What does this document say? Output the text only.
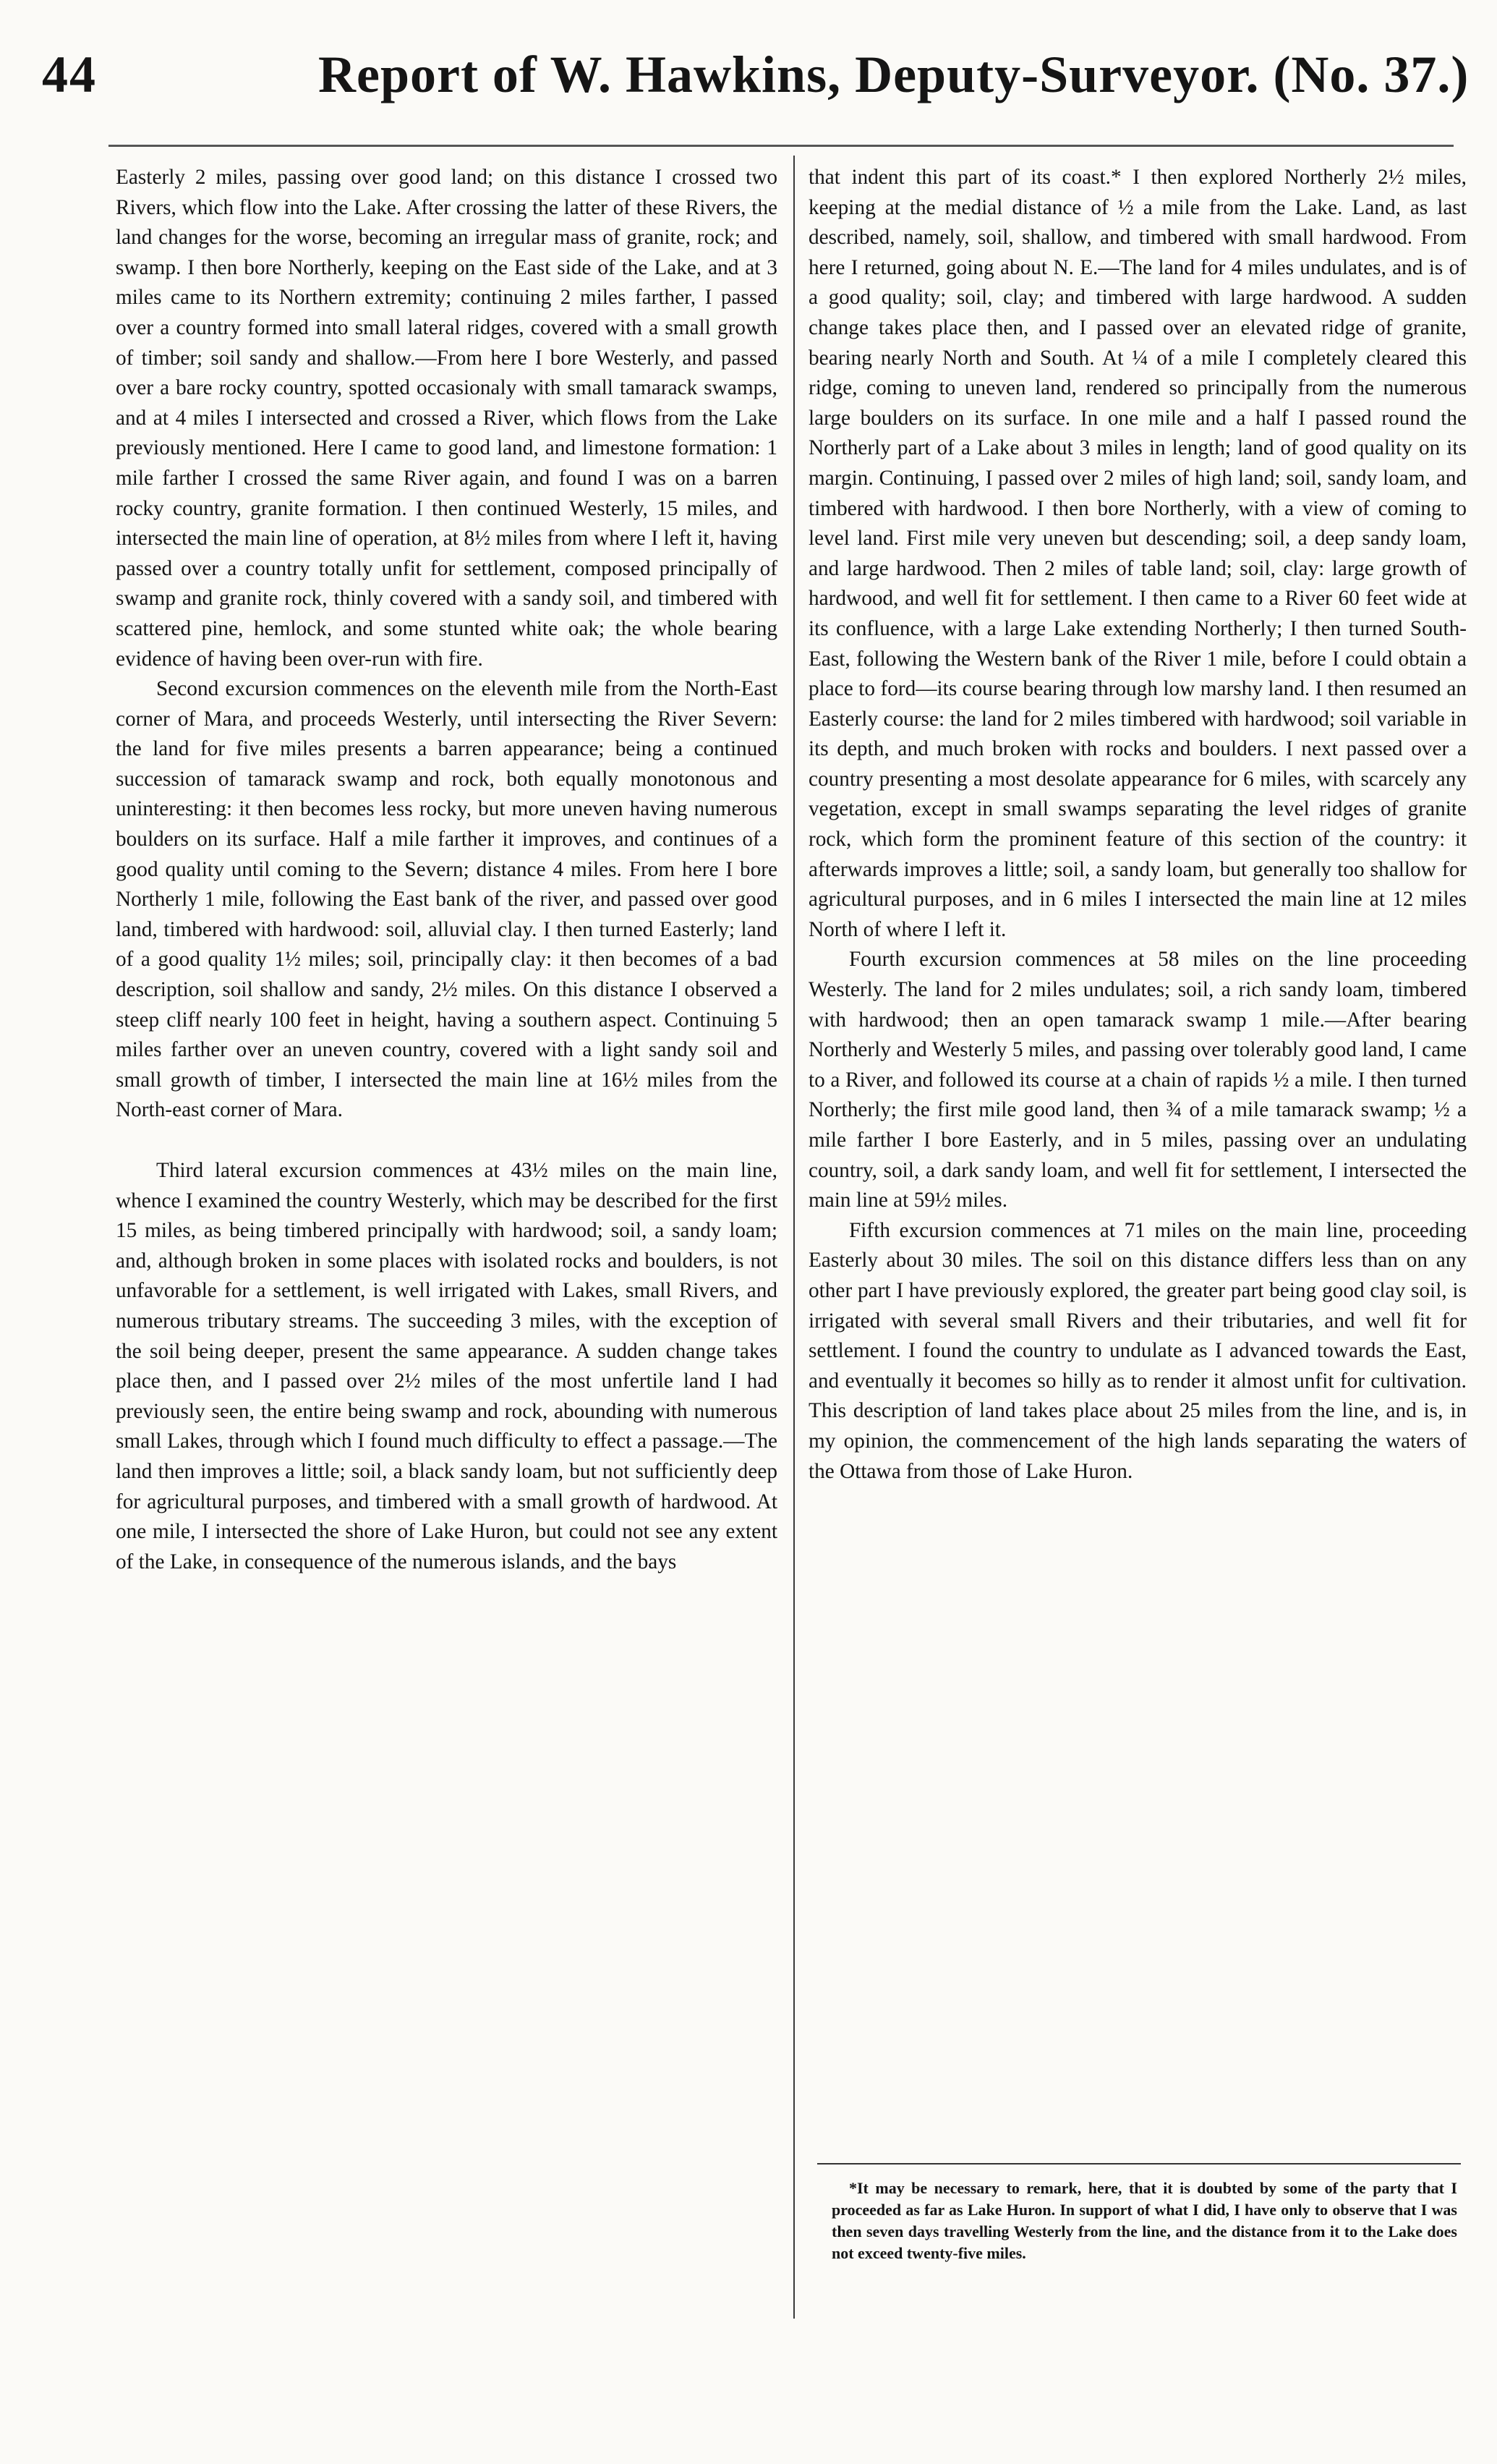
44	Report of W. Hawkins, Deputy-Surveyor. (No. 37.)

Easterly 2 miles, passing over good land; on this distance I crossed two Rivers, which flow into the Lake. After crossing the latter of these Rivers, the land changes for the worse, becoming an irregular mass of granite, rock; and swamp. I then bore Northerly, keeping on the East side of the Lake, and at 3 miles came to its Northern extremity; continuing 2 miles farther, I passed over a country formed into small lateral ridges, covered with a small growth of timber; soil sandy and shallow.—From here I bore Westerly, and passed over a bare rocky country, spotted occasionaly with small tamarack swamps, and at 4 miles I intersected and crossed a River, which flows from the Lake previously mentioned. Here I came to good land, and limestone formation: 1 mile farther I crossed the same River again, and found I was on a barren rocky country, granite formation. I then continued Westerly, 15 miles, and intersected the main line of operation, at 8½ miles from where I left it, having passed over a country totally unfit for settlement, composed principally of swamp and granite rock, thinly covered with a sandy soil, and timbered with scattered pine, hemlock, and some stunted white oak; the whole bearing evidence of having been over-run with fire.

Second excursion commences on the eleventh mile from the North-East corner of Mara, and proceeds Westerly, until intersecting the River Severn: the land for five miles presents a barren appearance; being a continued succession of tamarack swamp and rock, both equally monotonous and uninteresting: it then becomes less rocky, but more uneven having numerous boulders on its surface. Half a mile farther it improves, and continues of a good quality until coming to the Severn; distance 4 miles. From here I bore Northerly 1 mile, following the East bank of the river, and passed over good land, timbered with hardwood: soil, alluvial clay. I then turned Easterly; land of a good quality 1½ miles; soil, principally clay: it then becomes of a bad description, soil shallow and sandy, 2½ miles. On this distance I observed a steep cliff nearly 100 feet in height, having a southern aspect. Continuing 5 miles farther over an uneven country, covered with a light sandy soil and small growth of timber, I intersected the main line at 16½ miles from the North-east corner of Mara.

Third lateral excursion commences at 43½ miles on the main line, whence I examined the country Westerly, which may be described for the first 15 miles, as being timbered principally with hardwood; soil, a sandy loam; and, although broken in some places with isolated rocks and boulders, is not unfavorable for a settlement, is well irrigated with Lakes, small Rivers, and numerous tributary streams. The succeeding 3 miles, with the exception of the soil being deeper, present the same appearance. A sudden change takes place then, and I passed over 2½ miles of the most unfertile land I had previously seen, the entire being swamp and rock, abounding with numerous small Lakes, through which I found much difficulty to effect a passage.—The land then improves a little; soil, a black sandy loam, but not sufficiently deep for agricultural purposes, and timbered with a small growth of hardwood. At one mile, I intersected the shore of Lake Huron, but could not see any extent of the Lake, in consequence of the numerous islands, and the bays

that indent this part of its coast.* I then explored Northerly 2½ miles, keeping at the medial distance of ½ a mile from the Lake. Land, as last described, namely, soil, shallow, and timbered with small hardwood. From here I returned, going about N. E.—The land for 4 miles undulates, and is of a good quality; soil, clay; and timbered with large hardwood. A sudden change takes place then, and I passed over an elevated ridge of granite, bearing nearly North and South. At ¼ of a mile I completely cleared this ridge, coming to uneven land, rendered so principally from the numerous large boulders on its surface. In one mile and a half I passed round the Northerly part of a Lake about 3 miles in length; land of good quality on its margin. Continuing, I passed over 2 miles of high land; soil, sandy loam, and timbered with hardwood. I then bore Northerly, with a view of coming to level land. First mile very uneven but descending; soil, a deep sandy loam, and large hardwood. Then 2 miles of table land; soil, clay: large growth of hardwood, and well fit for settlement. I then came to a River 60 feet wide at its confluence, with a large Lake extending Northerly; I then turned South-East, following the Western bank of the River 1 mile, before I could obtain a place to ford—its course bearing through low marshy land. I then resumed an Easterly course: the land for 2 miles timbered with hardwood; soil variable in its depth, and much broken with rocks and boulders. I next passed over a country presenting a most desolate appearance for 6 miles, with scarcely any vegetation, except in small swamps separating the level ridges of granite rock, which form the prominent feature of this section of the country: it afterwards improves a little; soil, a sandy loam, but generally too shallow for agricultural purposes, and in 6 miles I intersected the main line at 12 miles North of where I left it.

Fourth excursion commences at 58 miles on the line proceeding Westerly. The land for 2 miles undulates; soil, a rich sandy loam, timbered with hardwood; then an open tamarack swamp 1 mile.—After bearing Northerly and Westerly 5 miles, and passing over tolerably good land, I came to a River, and followed its course at a chain of rapids ½ a mile. I then turned Northerly; the first mile good land, then ¾ of a mile tamarack swamp; ½ a mile farther I bore Easterly, and in 5 miles, passing over an undulating country, soil, a dark sandy loam, and well fit for settlement, I intersected the main line at 59½ miles.

Fifth excursion commences at 71 miles on the main line, proceeding Easterly about 30 miles. The soil on this distance differs less than on any other part I have previously explored, the greater part being good clay soil, is irrigated with several small Rivers and their tributaries, and well fit for settlement. I found the country to undulate as I advanced towards the East, and eventually it becomes so hilly as to render it almost unfit for cultivation. This description of land takes place about 25 miles from the line, and is, in my opinion, the commencement of the high lands separating the waters of the Ottawa from those of Lake Huron.

*It may be necessary to remark, here, that it is doubted by some of the party that I proceeded as far as Lake Huron. In support of what I did, I have only to observe that I was then seven days travelling Westerly from the line, and the distance from it to the Lake does not exceed twenty-five miles.
